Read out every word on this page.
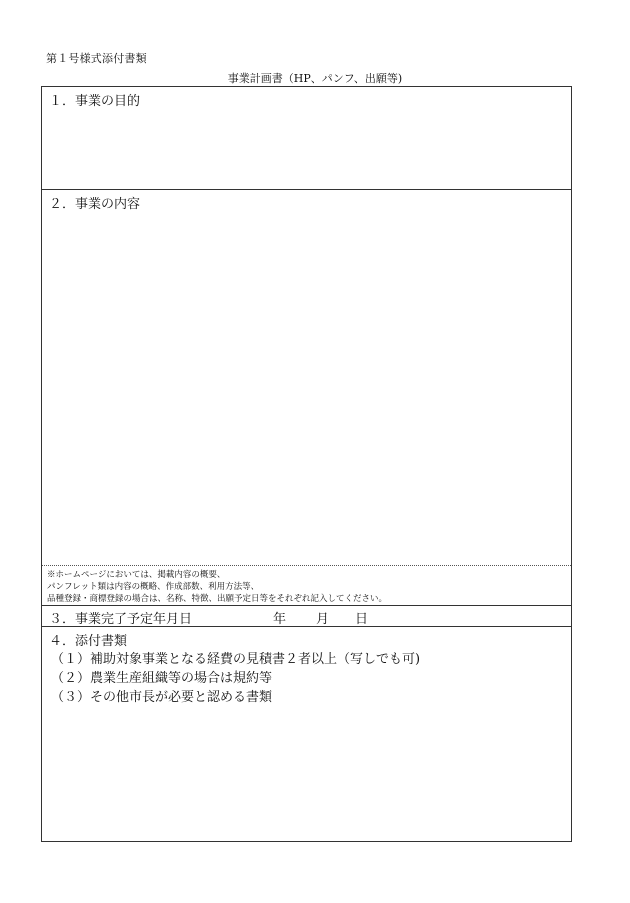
第１号様式添付書類
事業計画書（HP、パンフ、出願等)
１．事業の目的
２．事業の内容
※ホームページにおいては、掲載内容の概要、
パンフレット類は内容の概略、作成部数、利用方法等、
品種登録・商標登録の場合は、名称、特徴、出願予定日等をそれぞれ記入してください。
３．事業完了予定年月日	年 月 日
４．添付書類
（１）補助対象事業となる経費の見積書２者以上（写しでも可)
（２）農業生産組織等の場合は規約等
（３）その他市長が必要と認める書類
